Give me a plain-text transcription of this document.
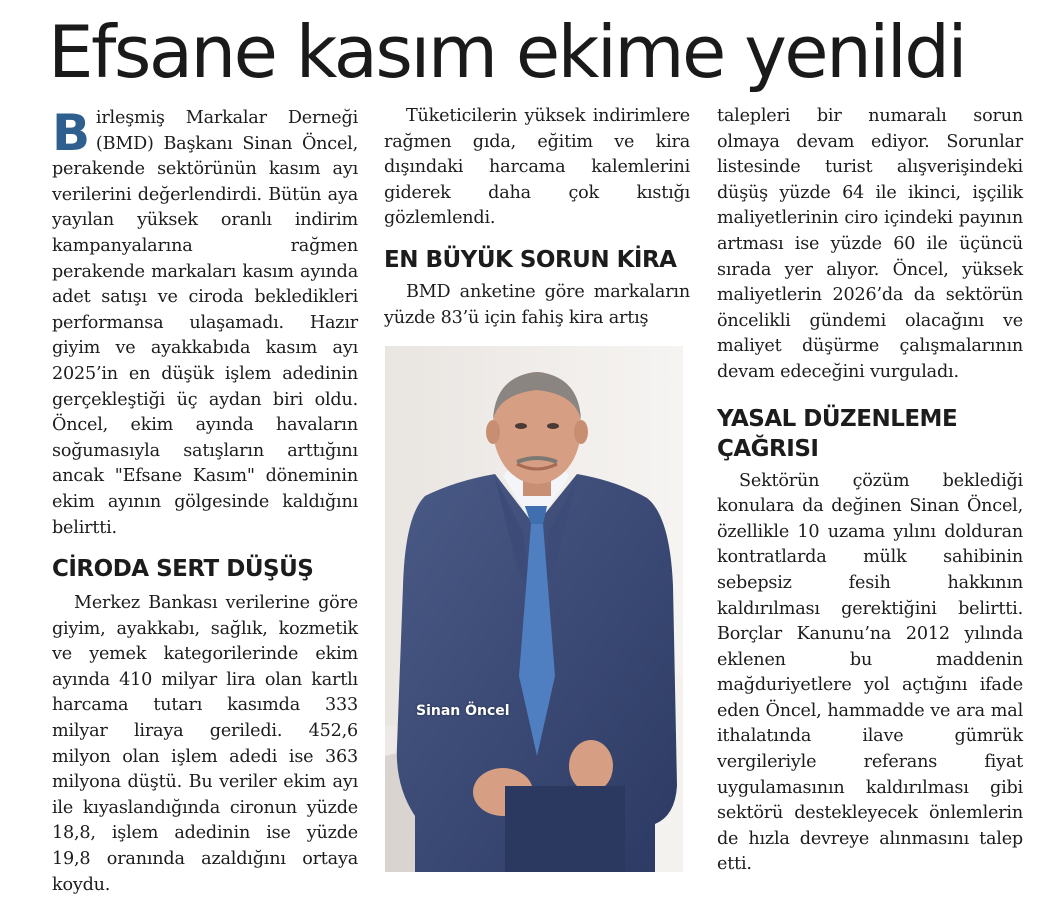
Efsane kasım ekime yenildi

Birleşmiş Markalar Derneği (BMD) Başkanı Sinan Öncel, perakende sektörünün kasım ayı verilerini değerlendirdi. Bütün aya yayılan yüksek oranlı indirim kampanyalarına rağmen perakende markaları kasım ayında adet satışı ve ciroda beklediklerі performansa ulaşamadı. Hazır giyim ve ayakkabıda kasım ayı 2025’in en düşük işlem adedinin gerçekleştiği üç aydan biri oldu. Öncel, ekim ayında havaların soğumasıyla satışların arttığını ancak "Efsane Kasım" döneminin ekim ayının gölgesinde kaldığını belirtti.

CİRODA SERT DÜŞÜŞ

Merkez Bankası verilerine göre giyim, ayakkabı, sağlık, kozmetik ve yemek kategorilerinde ekim ayında 410 milyar lira olan kartlı harcama tutarı kasımda 333 milyar liraya geriledi. 452,6 milyon olan işlem adedi ise 363 milyona düştü. Bu veriler ekim ayı ile kıyaslandığında cironun yüzde 18,8, işlem adedinin ise yüzde 19,8 oranında azaldığını ortaya koydu.

Tüketicilerin yüksek indirimlere rağmen gıda, eğitim ve kira dışındaki harcama kalemlerini giderek daha çok kıstığı gözlemlendi.

EN BÜYÜK SORUN KİRA

BMD anketine göre markaların yüzde 83’ü için fahiş kira artış

Sinan Öncel

talepleri bir numaralı sorun olmaya devam ediyor. Sorunlar listesinde turist alışverişindeki düşüş yüzde 64 ile ikinci, işçilik maliyetlerinin ciro içindeki payının artması ise yüzde 60 ile üçüncü sırada yer alıyor. Öncel, yüksek maliyetlerin 2026’da da sektörün öncelikli gündemi olacağını ve maliyet düşürme çalışmalarının devam edeceğini vurguladı.

YASAL DÜZENLEME ÇAĞRISI

Sektörün çözüm beklediği konulara da değinen Sinan Öncel, özellikle 10 uzama yılını dolduran kontratlarda mülk sahibinin sebepsiz fesih hakkının kaldırılması gerektiğini belirtti. Borçlar Kanunu’na 2012 yılında eklenen bu maddenin mağduriyetlere yol açtığını ifade eden Öncel, hammadde ve ara mal ithalatında ilave gümrük vergileriyle referans fiyat uygulamasının kaldırılması gibi sektörü destekleyecek önlemlerin de hızla devreye alınmasını talep etti.
